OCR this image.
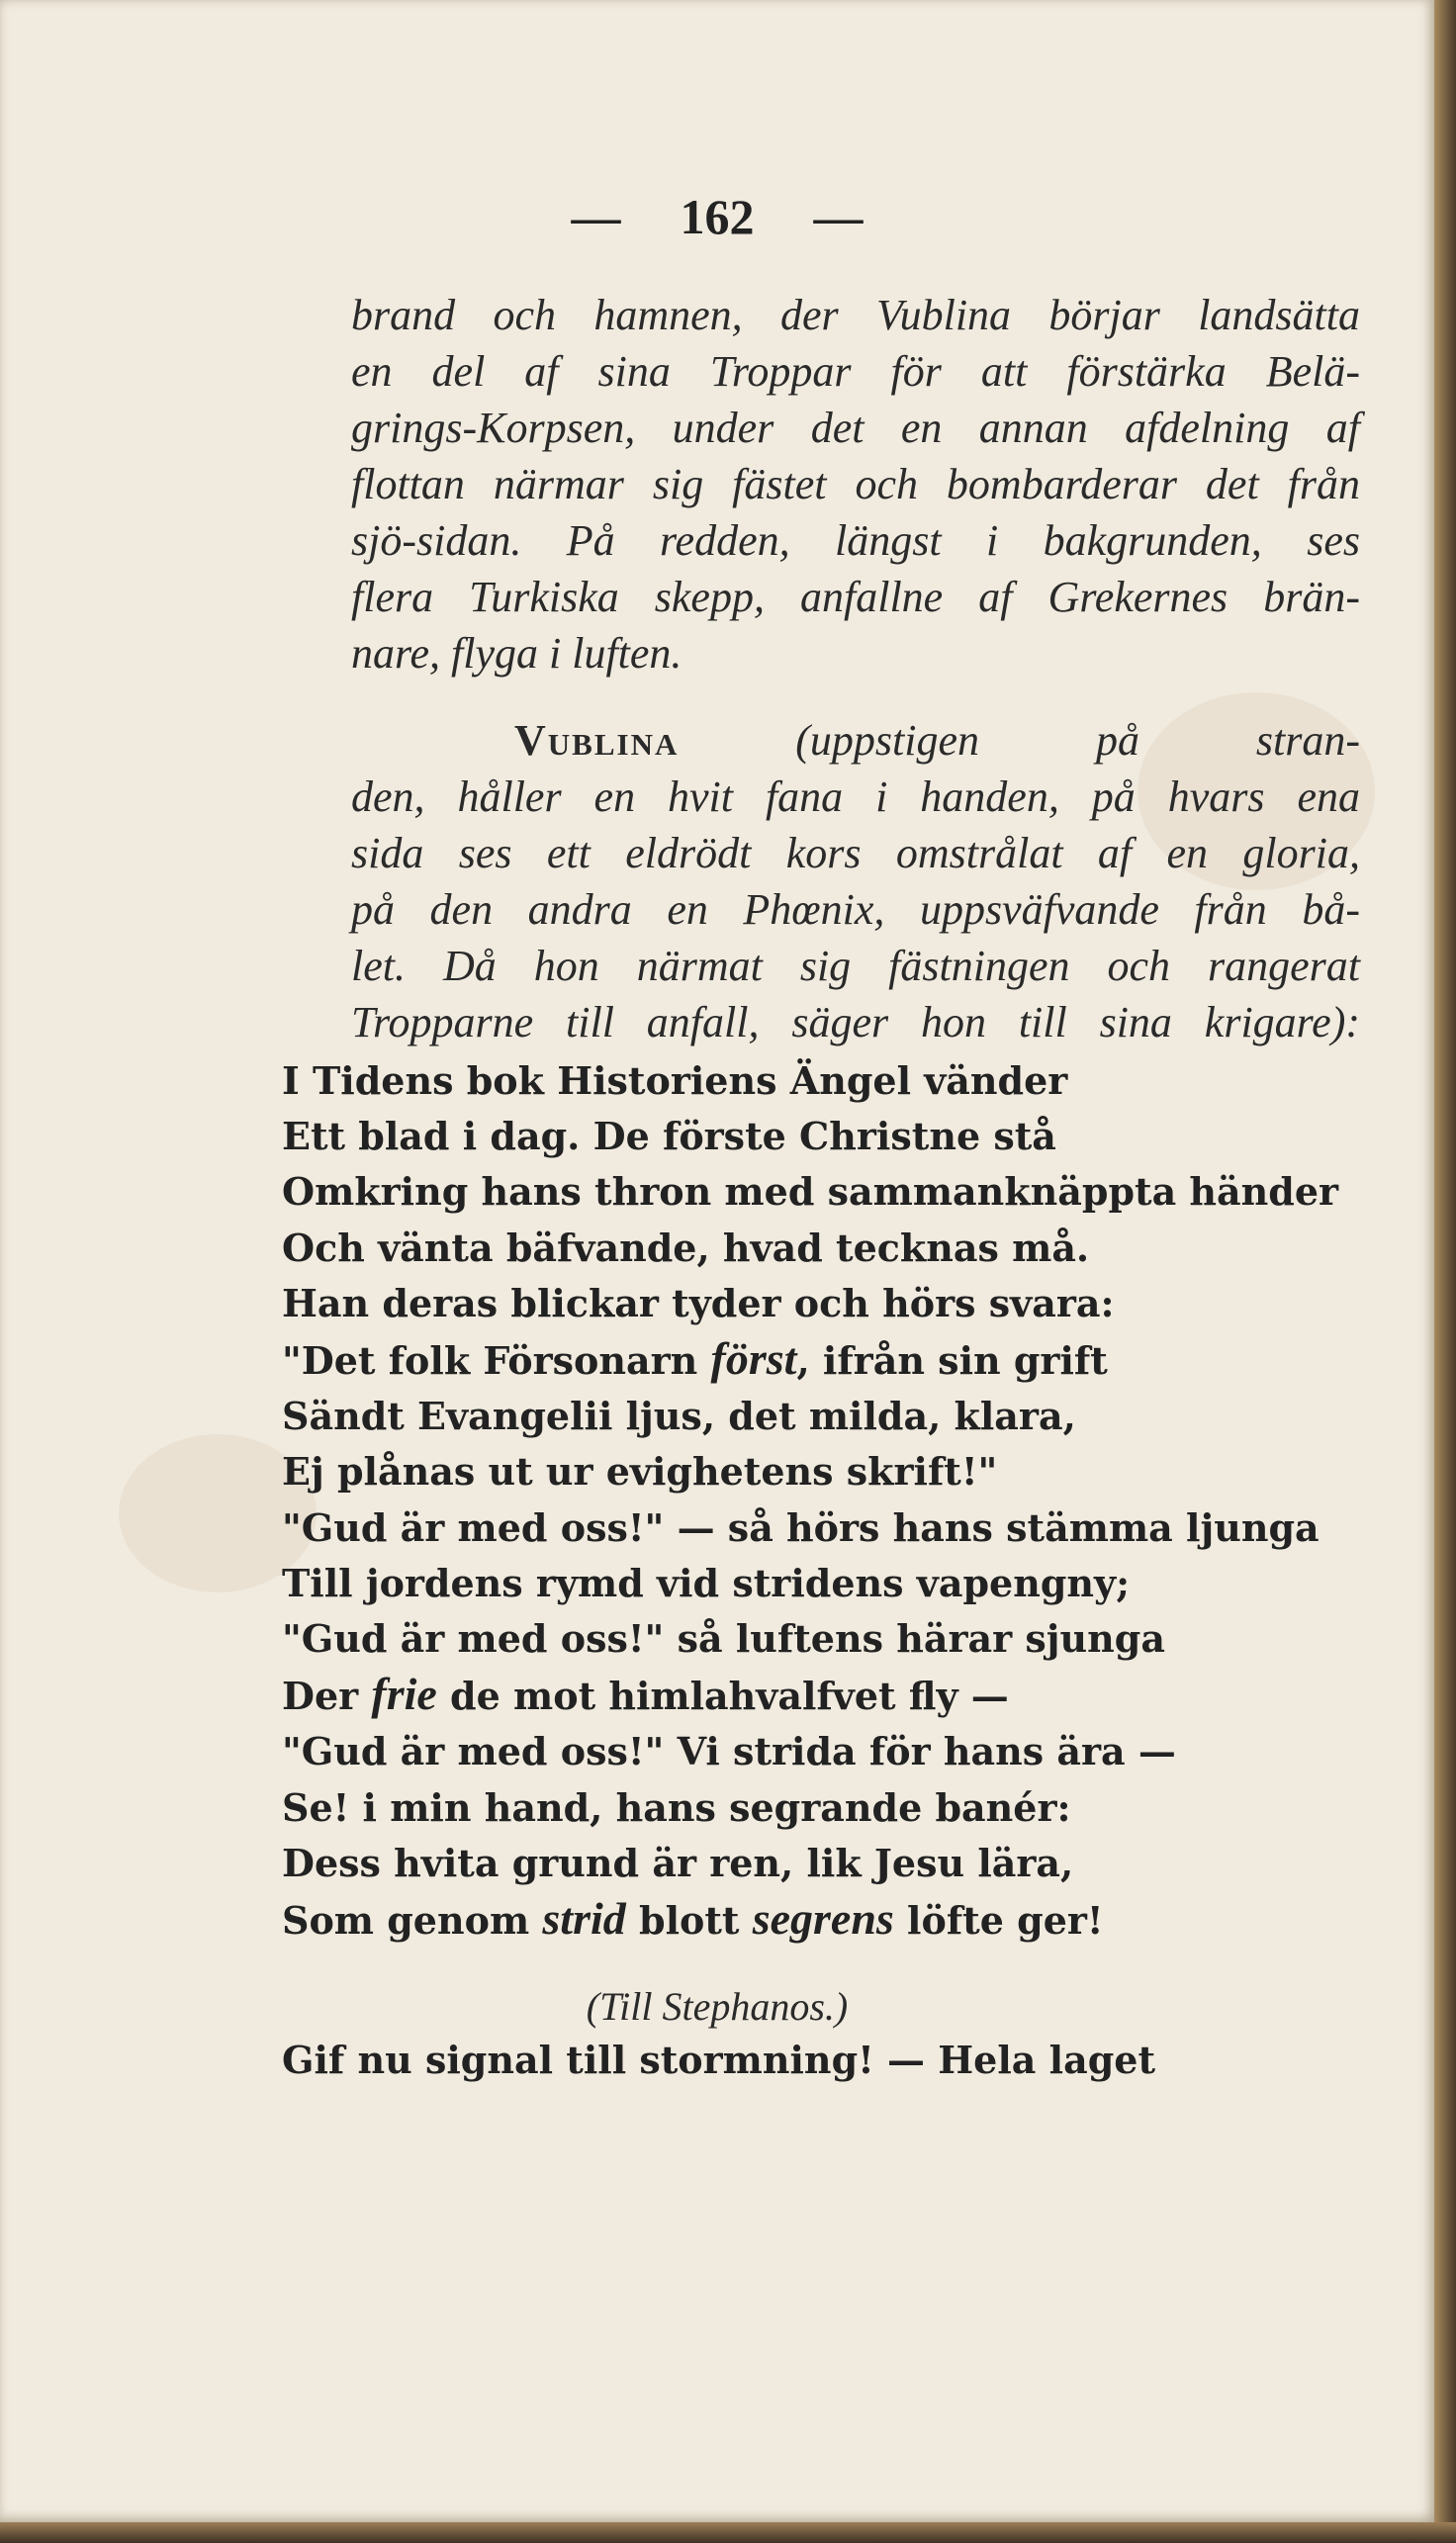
— 162 —
brand och hamnen, der Vublina börjar landsätta
en del af sina Troppar för att förstärka Belä-
grings-Korpsen, under det en annan afdelning af
flottan närmar sig fästet och bombarderar det från
sjö-sidan. På redden, längst i bakgrunden, ses
flera Turkiska skepp, anfallne af Grekernes brän-
nare, flyga i luften.
Vublina (uppstigen på stran-
den, håller en hvit fana i handen, på hvars ena
sida ses ett eldrödt kors omstrålat af en gloria,
på den andra en Phœnix, uppsväfvande från bå-
let. Då hon närmat sig fästningen och rangerat
Tropparne till anfall, säger hon till sina krigare):
I Tidens bok Historiens Ängel vänder
Ett blad i dag. De förste Christne stå
Omkring hans thron med sammanknäppta händer
Och vänta bäfvande, hvad tecknas må.
Han deras blickar tyder och hörs svara:
"Det folk Försonarn först, ifrån sin grift
Sändt Evangelii ljus, det milda, klara,
Ej plånas ut ur evighetens skrift!"
"Gud är med oss!" — så hörs hans stämma ljunga
Till jordens rymd vid stridens vapengny;
"Gud är med oss!" så luftens härar sjunga
Der frie de mot himlahvalfvet fly —
"Gud är med oss!" Vi strida för hans ära —
Se! i min hand, hans segrande banér:
Dess hvita grund är ren, lik Jesu lära,
Som genom strid blott segrens löfte ger!
(Till Stephanos.)
Gif nu signal till stormning! — Hela laget
